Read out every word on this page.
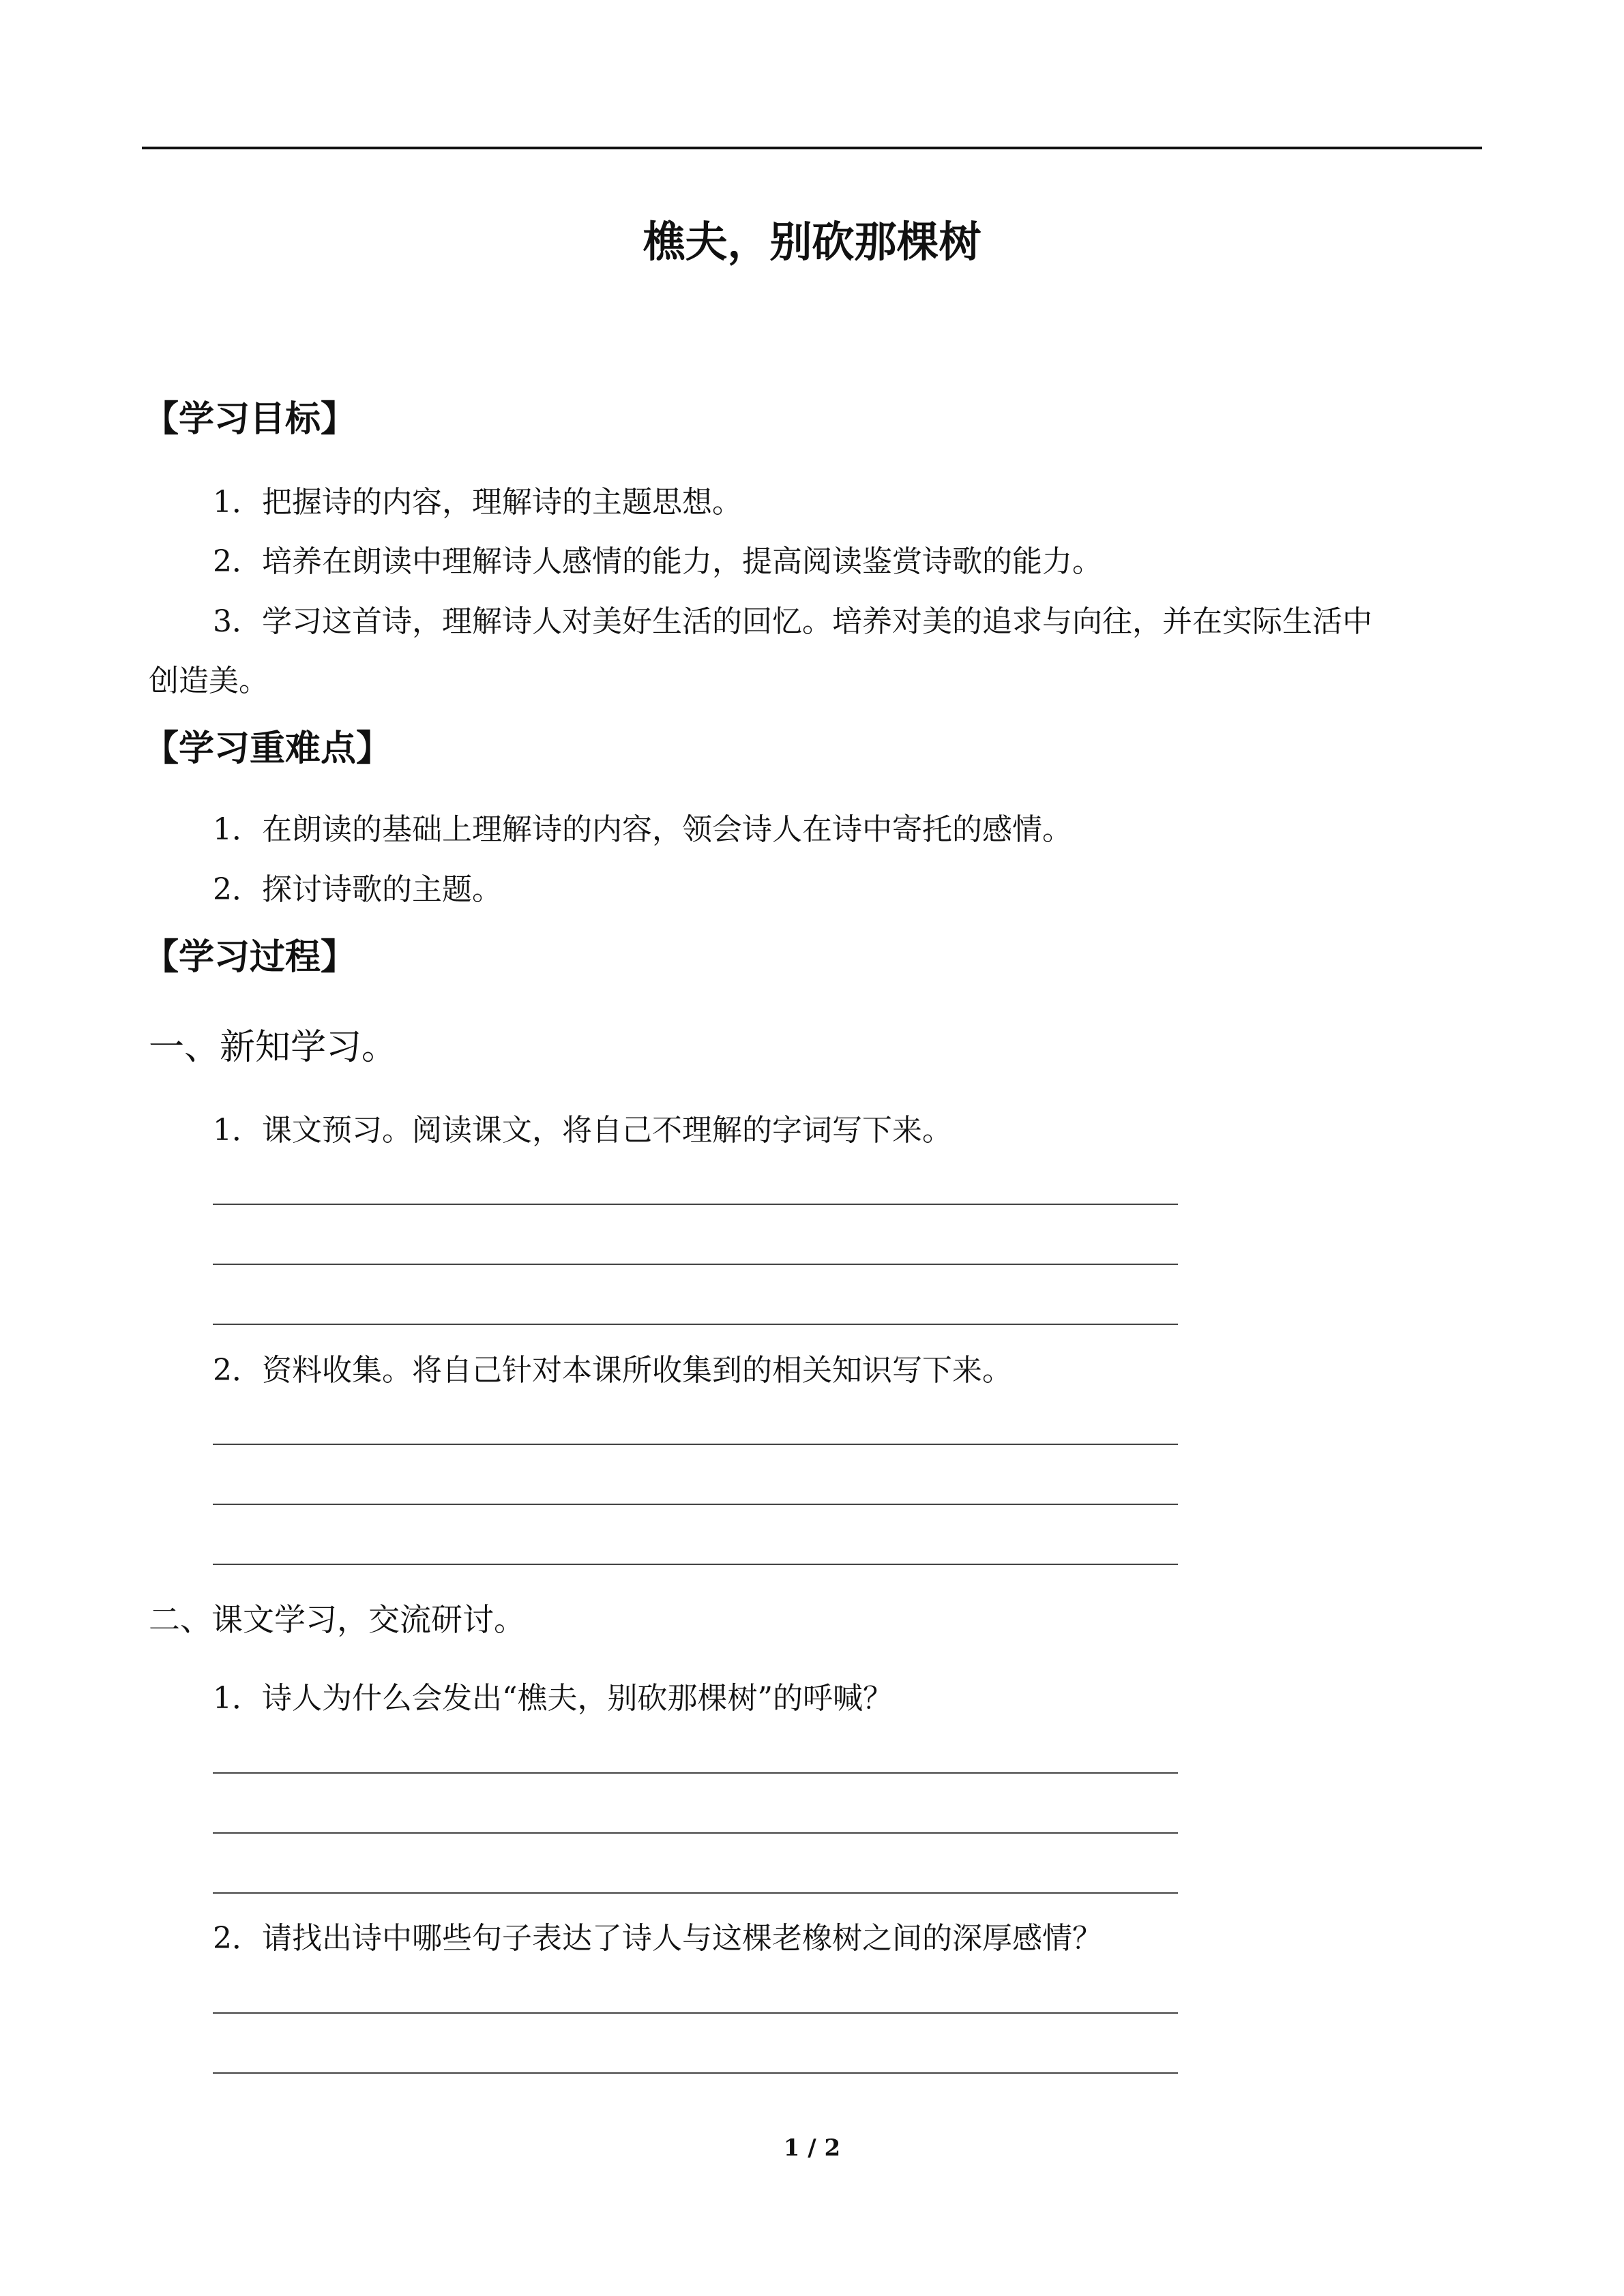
樵夫，别砍那棵树
【学习目标】
1．把握诗的内容，理解诗的主题思想。
2．培养在朗读中理解诗人感情的能力，提高阅读鉴赏诗歌的能力。
3．学习这首诗，理解诗人对美好生活的回忆。培养对美的追求与向往，并在实际生活中
创造美。
【学习重难点】
1．在朗读的基础上理解诗的内容，领会诗人在诗中寄托的感情。
2．探讨诗歌的主题。
【学习过程】
一、新知学习。
1．课文预习。阅读课文，将自己不理解的字词写下来。
2．资料收集。将自己针对本课所收集到的相关知识写下来。
二、课文学习，交流研讨。
1．诗人为什么会发出“樵夫，别砍那棵树”的呼喊？
2．请找出诗中哪些句子表达了诗人与这棵老橡树之间的深厚感情？
1 / 2
